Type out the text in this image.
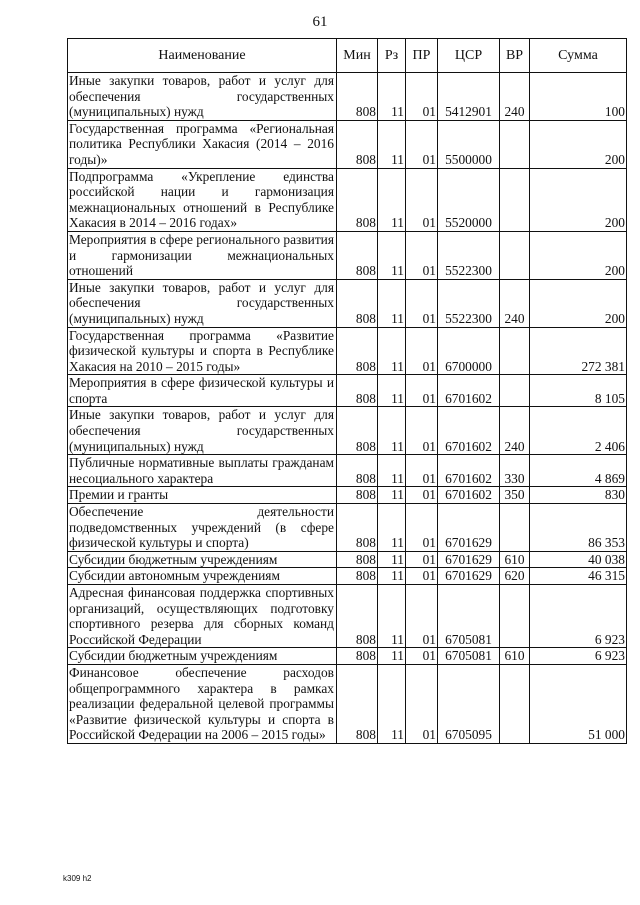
61
Наименование	Мин	Рз	ПР	ЦСР	ВР	Сумма
Иные закупки товаров, работ и услуг для обеспечения государственных (муниципальных) нужд	808	11	01	5412901	240	100
Государственная программа «Региональная политика Республики Хакасия (2014 – 2016 годы)»	808	11	01	5500000		200
Подпрограмма «Укрепление единства российской нации и гармонизация межнациональных отношений в Республике Хакасия в 2014 – 2016 годах»	808	11	01	5520000		200
Мероприятия в сфере регионального развития и гармонизации межнациональных отношений	808	11	01	5522300		200
Иные закупки товаров, работ и услуг для обеспечения государственных (муниципальных) нужд	808	11	01	5522300	240	200
Государственная программа «Развитие физической культуры и спорта в Республике Хакасия на 2010 – 2015 годы»	808	11	01	6700000		272 381
Мероприятия в сфере физической культуры и спорта	808	11	01	6701602		8 105
Иные закупки товаров, работ и услуг для обеспечения государственных (муниципальных) нужд	808	11	01	6701602	240	2 406
Публичные нормативные выплаты гражданам несоциального характера	808	11	01	6701602	330	4 869
Премии и гранты	808	11	01	6701602	350	830
Обеспечение деятельности подведомственных учреждений (в сфере физической культуры и спорта)	808	11	01	6701629		86 353
Субсидии бюджетным учреждениям	808	11	01	6701629	610	40 038
Субсидии автономным учреждениям	808	11	01	6701629	620	46 315
Адресная финансовая поддержка спортивных организаций, осуществляющих подготовку спортивного резерва для сборных команд Российской Федерации	808	11	01	6705081		6 923
Субсидии бюджетным учреждениям	808	11	01	6705081	610	6 923
Финансовое обеспечение расходов общепрограммного характера в рамках реализации федеральной целевой программы «Развитие физической культуры и спорта в Российской Федерации на 2006 – 2015 годы»	808	11	01	6705095		51 000
k309 h2
